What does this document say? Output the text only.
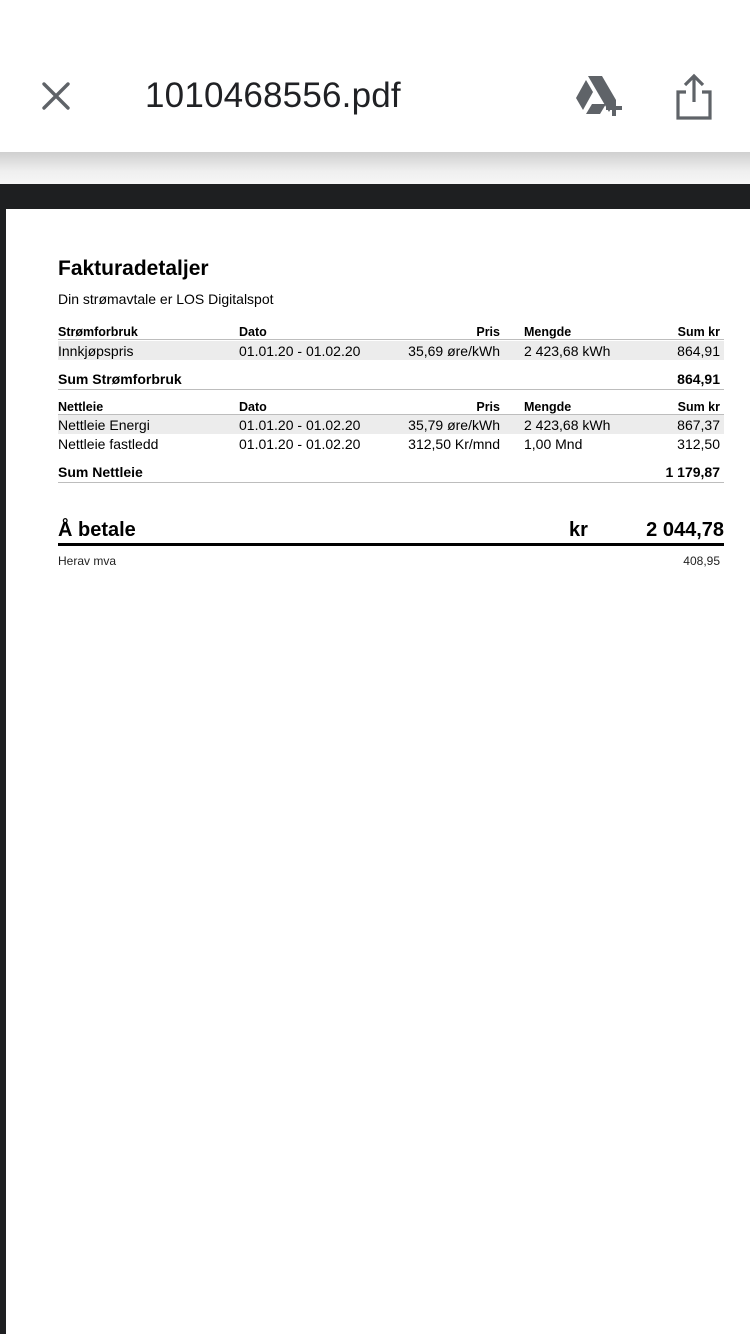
1010468556.pdf
Fakturadetaljer
Din strømavtale er LOS Digitalspot
Strømforbruk	Dato	Pris Mengde	Sum kr
Innkjøpspris	01.01.20 - 01.02.20	35,69 øre/kWh 2 423,68 kWh	864,91
Sum Strømforbruk	864,91
Nettleie	Dato	Pris Mengde	Sum kr
Nettleie Energi	01.01.20 - 01.02.20	35,79 øre/kWh 2 423,68 kWh	867,37
Nettleie fastledd	01.01.20 - 01.02.20	312,50 Kr/mnd 1,00 Mnd	312,50
Sum Nettleie	1 179,87
Å betale	kr	2 044,78
Herav mva	408,95
